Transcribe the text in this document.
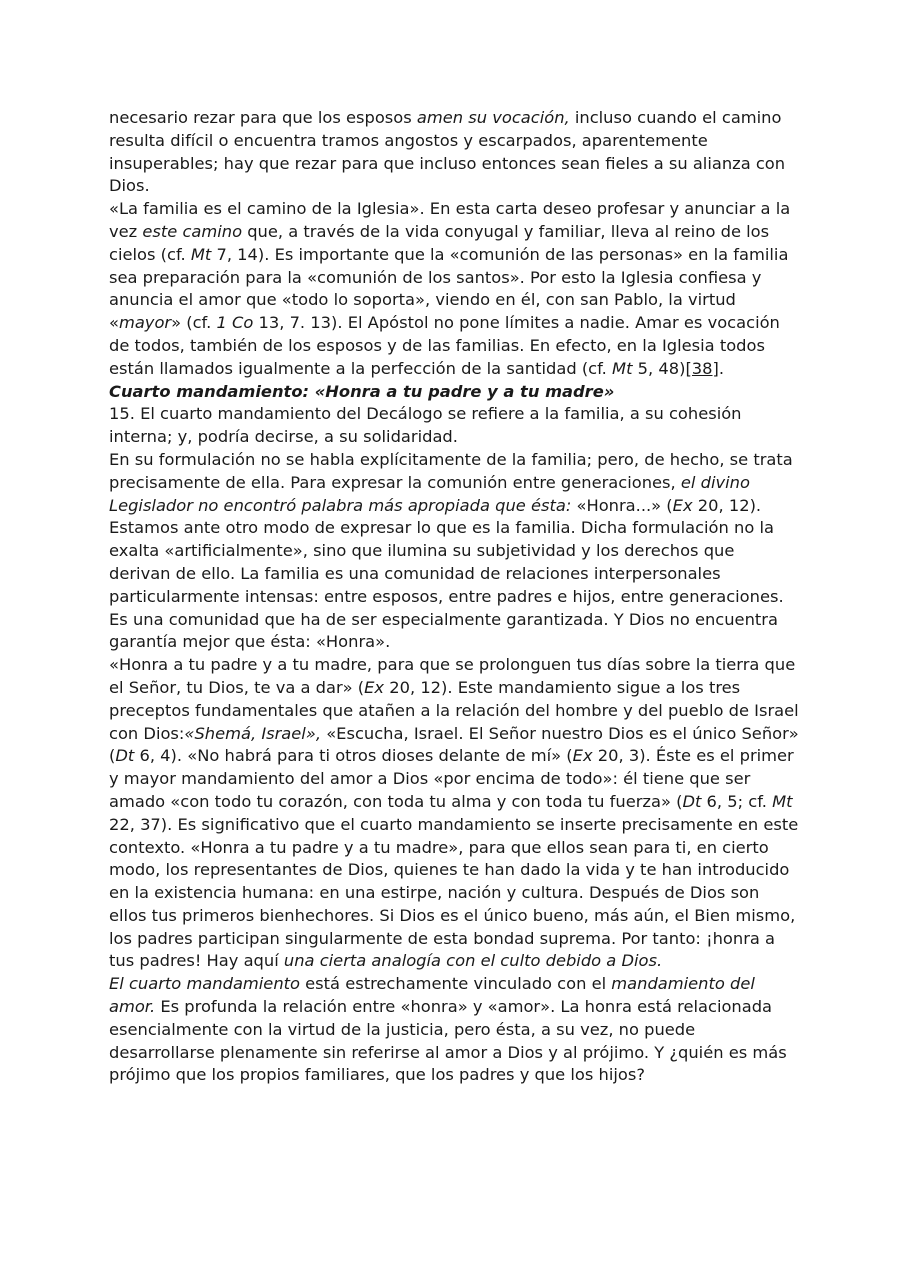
necesario rezar para que los esposos amen su vocación, incluso cuando el camino resulta difícil o encuentra tramos angostos y escarpados, aparentemente insuperables; hay que rezar para que incluso entonces sean fieles a su alianza con Dios.

«La familia es el camino de la Iglesia». En esta carta deseo profesar y anunciar a la vez este camino que, a través de la vida conyugal y familiar, lleva al reino de los cielos (cf. Mt 7, 14). Es importante que la «comunión de las personas» en la familia sea preparación para la «comunión de los santos». Por esto la Iglesia confiesa y anuncia el amor que «todo lo soporta», viendo en él, con san Pablo, la virtud «mayor» (cf. 1 Co 13, 7. 13). El Apóstol no pone límites a nadie. Amar es vocación de todos, también de los esposos y de las familias. En efecto, en la Iglesia todos están llamados igualmente a la perfección de la santidad (cf. Mt 5, 48)[38].

Cuarto mandamiento: «Honra a tu padre y a tu madre»

15. El cuarto mandamiento del Decálogo se refiere a la familia, a su cohesión interna; y, podría decirse, a su solidaridad.

En su formulación no se habla explícitamente de la familia; pero, de hecho, se trata precisamente de ella. Para expresar la comunión entre generaciones, el divino Legislador no encontró palabra más apropiada que ésta: «Honra...» (Ex 20, 12). Estamos ante otro modo de expresar lo que es la familia. Dicha formulación no la exalta «artificialmente», sino que ilumina su subjetividad y los derechos que derivan de ello. La familia es una comunidad de relaciones interpersonales particularmente intensas: entre esposos, entre padres e hijos, entre generaciones. Es una comunidad que ha de ser especialmente garantizada. Y Dios no encuentra garantía mejor que ésta: «Honra».

«Honra a tu padre y a tu madre, para que se prolonguen tus días sobre la tierra que el Señor, tu Dios, te va a dar» (Ex 20, 12). Este mandamiento sigue a los tres preceptos fundamentales que atañen a la relación del hombre y del pueblo de Israel con Dios:«Shemá, Israel», «Escucha, Israel. El Señor nuestro Dios es el único Señor» (Dt 6, 4). «No habrá para ti otros dioses delante de mí» (Ex 20, 3). Éste es el primer y mayor mandamiento del amor a Dios «por encima de todo»: él tiene que ser amado «con todo tu corazón, con toda tu alma y con toda tu fuerza» (Dt 6, 5; cf. Mt 22, 37). Es significativo que el cuarto mandamiento se inserte precisamente en este contexto. «Honra a tu padre y a tu madre», para que ellos sean para ti, en cierto modo, los representantes de Dios, quienes te han dado la vida y te han introducido en la existencia humana: en una estirpe, nación y cultura. Después de Dios son ellos tus primeros bienhechores. Si Dios es el único bueno, más aún, el Bien mismo, los padres participan singularmente de esta bondad suprema. Por tanto: ¡honra a tus padres! Hay aquí una cierta analogía con el culto debido a Dios.

El cuarto mandamiento está estrechamente vinculado con el mandamiento del amor. Es profunda la relación entre «honra» y «amor». La honra está relacionada esencialmente con la virtud de la justicia, pero ésta, a su vez, no puede desarrollarse plenamente sin referirse al amor a Dios y al prójimo. Y ¿quién es más prójimo que los propios familiares, que los padres y que los hijos?
